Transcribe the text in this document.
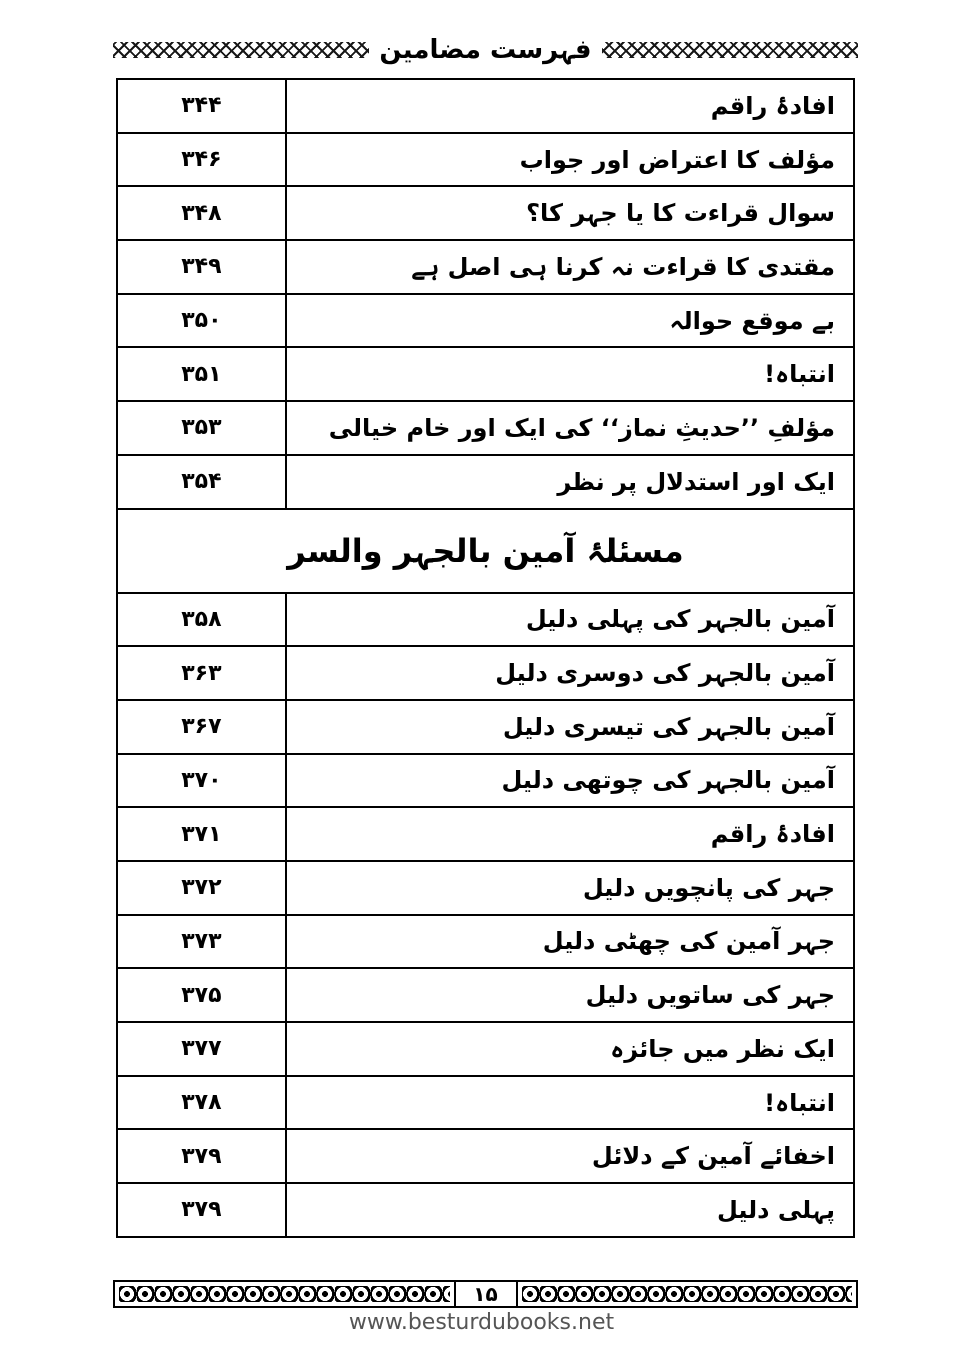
فہرست مضامین
افادۂ راقم	۳۴۴
مؤلف کا اعتراض اور جواب	۳۴۶
سوال قراءت کا یا جہر کا؟	۳۴۸
مقتدی کا قراءت نہ کرنا ہی اصل ہے	۳۴۹
بے موقع حوالہ	۳۵۰
انتباہ!	۳۵۱
مؤلفِ ’’حدیثِ نماز‘‘ کی ایک اور خام خیالی	۳۵۳
ایک اور استدلال پر نظر	۳۵۴
مسئلۂ آمین بالجہر والسر	
آمین بالجہر کی پہلی دلیل	۳۵۸
آمین بالجہر کی دوسری دلیل	۳۶۳
آمین بالجہر کی تیسری دلیل	۳۶۷
آمین بالجہر کی چوتھی دلیل	۳۷۰
افادۂ راقم	۳۷۱
جہر کی پانچویں دلیل	۳۷۲
جہر آمین کی چھٹی دلیل	۳۷۳
جہر کی ساتویں دلیل	۳۷۵
ایک نظر میں جائزہ	۳۷۷
انتباہ!	۳۷۸
اخفائے آمین کے دلائل	۳۷۹
پہلی دلیل	۳۷۹
۱۵
www.besturdubooks.net
